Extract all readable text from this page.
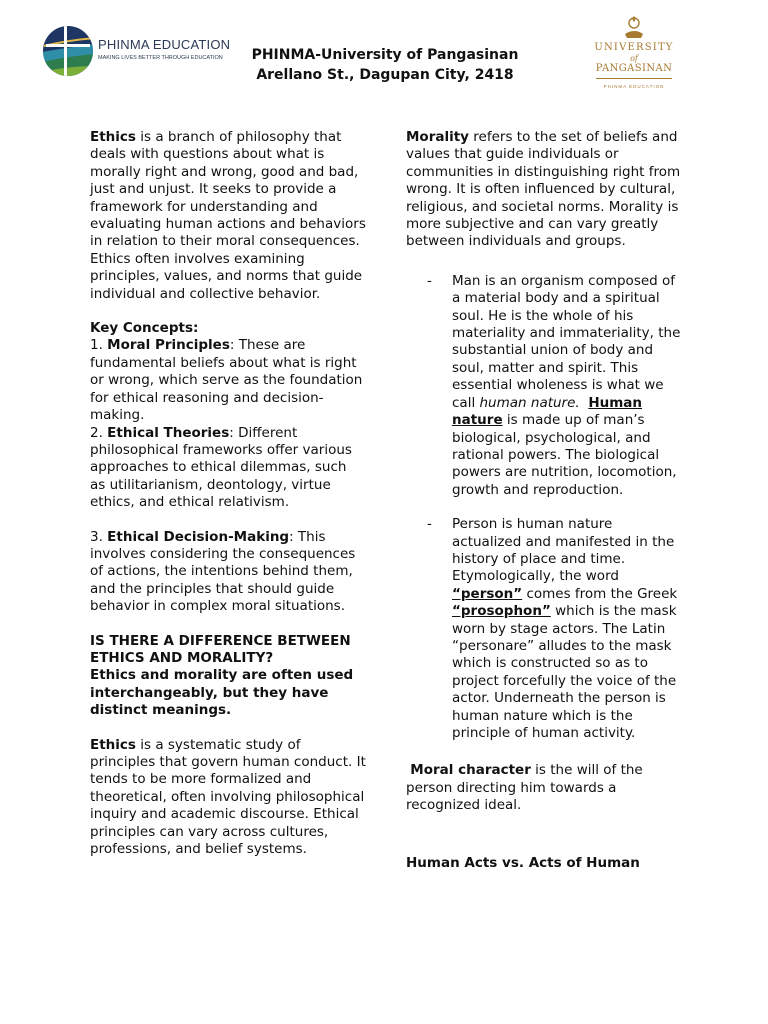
PHINMA EDUCATION
MAKING LIVES BETTER THROUGH EDUCATION	PHINMA-University of Pangasinan
Arellano St., Dagupan City, 2418
UNIVERSITY
of
PANGASINAN
PHINMA EDUCATION

Ethics is a branch of philosophy that deals with questions about what is morally right and wrong, good and bad, just and unjust. It seeks to provide a framework for understanding and evaluating human actions and behaviors in relation to their moral consequences. Ethics often involves examining principles, values, and norms that guide individual and collective behavior.

Key Concepts:

1. Moral Principles: These are fundamental beliefs about what is right or wrong, which serve as the foundation for ethical reasoning and decision-making.

2. Ethical Theories: Different philosophical frameworks offer various approaches to ethical dilemmas, such as utilitarianism, deontology, virtue ethics, and ethical relativism.

3. Ethical Decision-Making: This involves considering the consequences of actions, the intentions behind them, and the principles that should guide behavior in complex moral situations.

IS THERE A DIFFERENCE BETWEEN ETHICS AND MORALITY?

Ethics and morality are often used interchangeably, but they have distinct meanings.

Ethics is a systematic study of principles that govern human conduct. It tends to be more formalized and theoretical, often involving philosophical inquiry and academic discourse. Ethical principles can vary across cultures, professions, and belief systems.

Morality refers to the set of beliefs and values that guide individuals or communities in distinguishing right from wrong. It is often influenced by cultural, religious, and societal norms. Morality is more subjective and can vary greatly between individuals and groups.

- Man is an organism composed of a material body and a spiritual soul. He is the whole of his materiality and immateriality, the substantial union of body and soul, matter and spirit. This essential wholeness is what we call human nature. Human nature is made up of man’s biological, psychological, and rational powers. The biological powers are nutrition, locomotion, growth and reproduction.

- Person is human nature actualized and manifested in the history of place and time. Etymologically, the word “person” comes from the Greek “prosophon” which is the mask worn by stage actors. The Latin “personare” alludes to the mask which is constructed so as to project forcefully the voice of the actor. Underneath the person is human nature which is the principle of human activity.

Moral character is the will of the person directing him towards a recognized ideal.

Human Acts vs. Acts of Human
